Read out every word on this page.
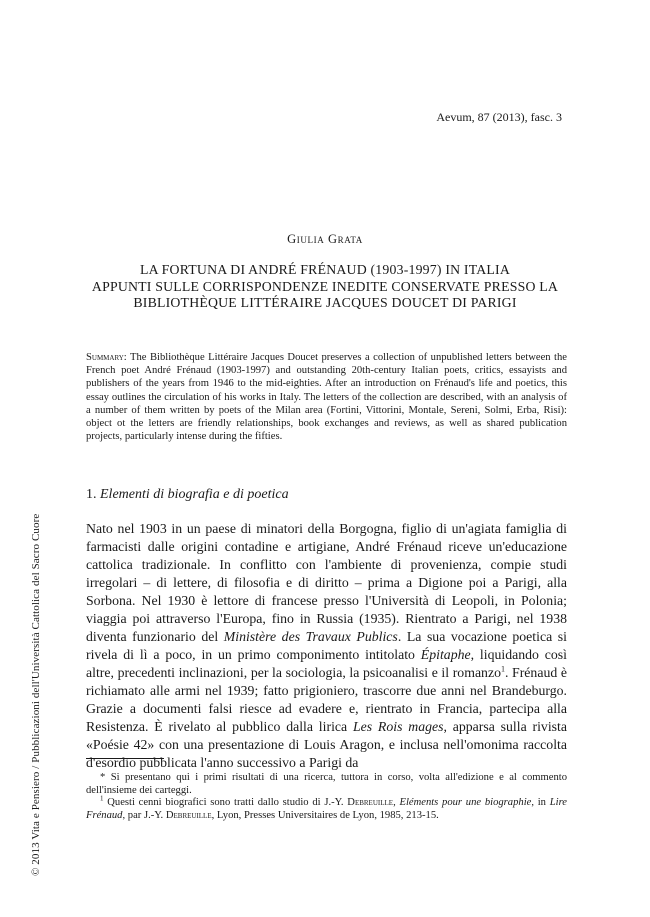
Aevum, 87 (2013), fasc. 3
Giulia Grata
LA FORTUNA DI ANDRÉ FRÉNAUD (1903-1997) IN ITALIA
APPUNTI SULLE CORRISPONDENZE INEDITE CONSERVATE PRESSO LA
BIBLIOTHÈQUE LITTÉRAIRE JACQUES DOUCET DI PARIGI
Summary: The Bibliothèque Littéraire Jacques Doucet preserves a collection of unpublished letters between the French poet André Frénaud (1903-1997) and outstanding 20th-century Italian poets, critics, essayists and publishers of the years from 1946 to the mid-eighties. After an introduction on Frénaud's life and poetics, this essay outlines the circulation of his works in Italy. The letters of the collection are described, with an analysis of a number of them written by poets of the Milan area (Fortini, Vittorini, Montale, Sereni, Solmi, Erba, Risi): object ot the letters are friendly relationships, book exchanges and reviews, as well as shared publication projects, particularly intense during the fifties.
1. Elementi di biografia e di poetica
Nato nel 1903 in un paese di minatori della Borgogna, figlio di un'agiata famiglia di farmacisti dalle origini contadine e artigiane, André Frénaud riceve un'educazione cattolica tradizionale. In conflitto con l'ambiente di provenienza, compie studi irregolari – di lettere, di filosofia e di diritto – prima a Digione poi a Parigi, alla Sorbona. Nel 1930 è lettore di francese presso l'Università di Leopoli, in Polonia; viaggia poi attraverso l'Europa, fino in Russia (1935). Rientrato a Parigi, nel 1938 diventa funzionario del Ministère des Travaux Publics. La sua vocazione poetica si rivela di lì a poco, in un primo componimento intitolato Épitaphe, liquidando così altre, precedenti inclinazioni, per la sociologia, la psicoanalisi e il romanzo$^1$. Frénaud è richiamato alle armi nel 1939; fatto prigioniero, trascorre due anni nel Brandeburgo. Grazie a documenti falsi riesce ad evadere e, rientrato in Francia, partecipa alla Resistenza. È rivelato al pubblico dalla lirica Les Rois mages, apparsa sulla rivista «Poésie 42» con una presentazione di Louis Aragon, e inclusa nell'omonima raccolta d'esordio pubblicata l'anno successivo a Parigi da

* Si presentano qui i primi risultati di una ricerca, tuttora in corso, volta all'edizione e al commento dell'insieme dei carteggi.

$^1$ Questi cenni biografici sono tratti dallo studio di J.-Y. Debreuille, Eléments pour une biographie, in Lire Frénaud, par J.-Y. Debreuille, Lyon, Presses Universitaires de Lyon, 1985, 213-15.

© 2013 Vita e Pensiero / Pubblicazioni dell'Università Cattolica del Sacro Cuore
